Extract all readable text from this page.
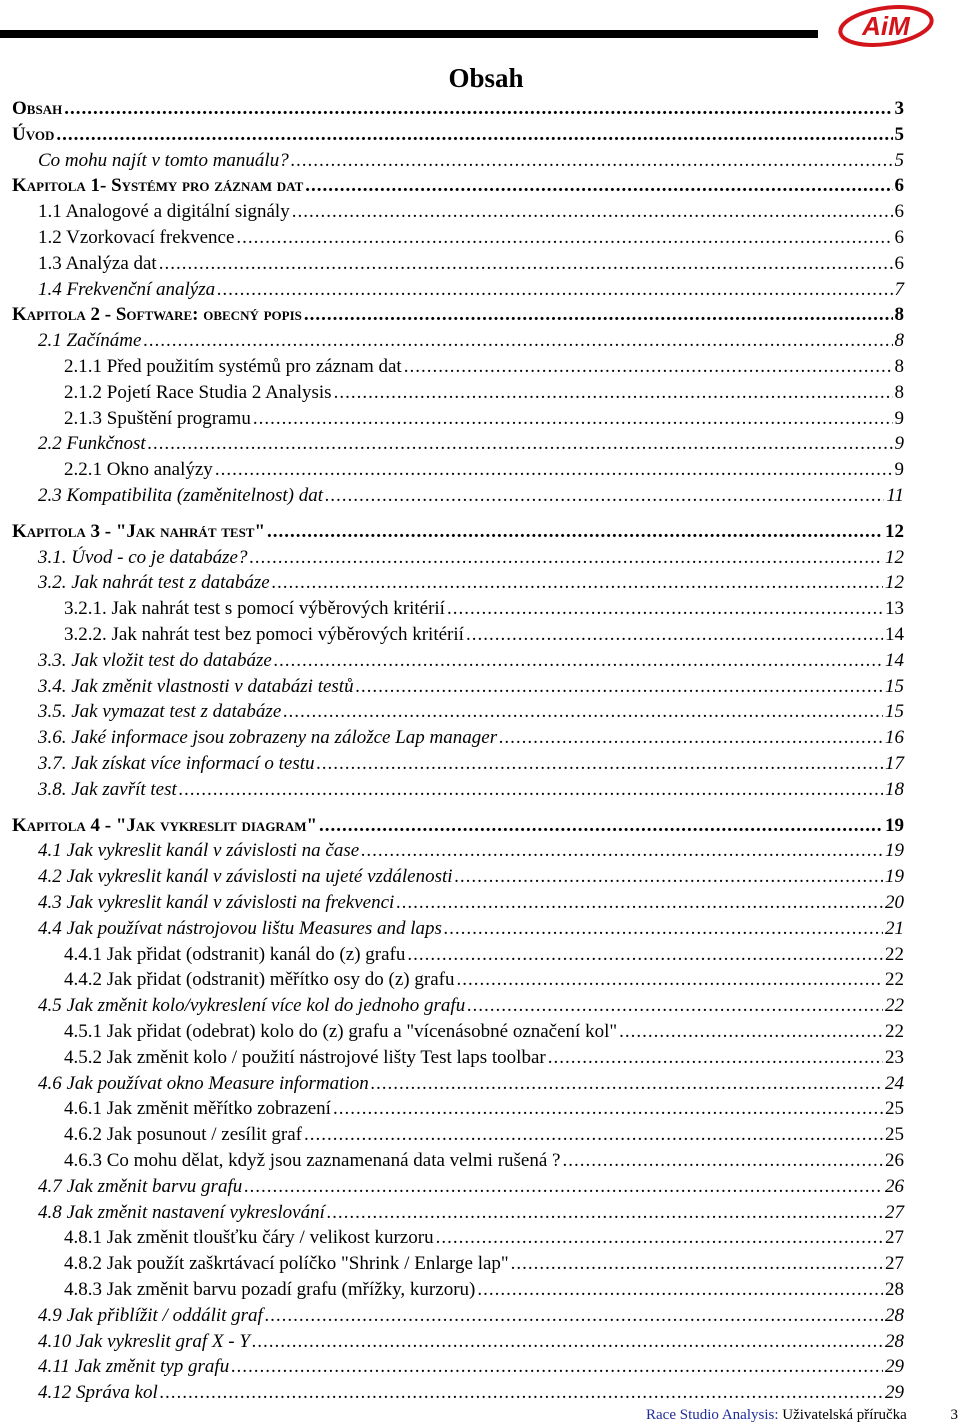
AiM
Obsah
Obsah .....	3
Úvod .....	5
Co mohu najít v tomto manuálu? .....	5
Kapitola 1- Systémy pro záznam dat .....	6
1.1 Analogové a digitální signály .....	6
1.2 Vzorkovací frekvence .....	6
1.3 Analýza dat .....	6
1.4 Frekvenční analýza .....	7
Kapitola 2 - Software: obecný popis .....	8
2.1 Začínáme .....	8
2.1.1 Před použitím systémů pro záznam dat .....	8
2.1.2 Pojetí Race Studia 2 Analysis .....	8
2.1.3 Spuštění programu .....	9
2.2 Funkčnost .....	9
2.2.1 Okno analýzy .....	9
2.3 Kompatibilita (zaměnitelnost) dat .....	11
Kapitola 3 - "Jak nahrát test" .....	12
3.1. Úvod - co je databáze? .....	12
3.2. Jak nahrát test z databáze .....	12
3.2.1. Jak nahrát test s pomocí výběrových kritérií .....	13
3.2.2. Jak nahrát test bez pomoci výběrových kritérií .....	14
3.3. Jak vložit test do databáze .....	14
3.4. Jak změnit vlastnosti v databázi testů .....	15
3.5. Jak vymazat test z databáze .....	15
3.6. Jaké informace jsou zobrazeny na záložce Lap manager .....	16
3.7. Jak získat více informací o testu .....	17
3.8. Jak zavřít test .....	18
Kapitola 4 - "Jak vykreslit diagram" .....	19
4.1 Jak vykreslit kanál v závislosti na čase .....	19
4.2 Jak vykreslit kanál v závislosti na ujeté vzdálenosti .....	19
4.3 Jak vykreslit kanál v závislosti na frekvenci .....	20
4.4 Jak používat nástrojovou lištu Measures and laps .....	21
4.4.1 Jak přidat (odstranit) kanál do (z) grafu .....	22
4.4.2 Jak přidat (odstranit) měřítko osy do (z) grafu .....	22
4.5 Jak změnit kolo/vykreslení více kol do jednoho grafu .....	22
4.5.1 Jak přidat (odebrat) kolo do (z) grafu a "vícenásobné označení kol" .....	22
4.5.2 Jak změnit kolo / použití nástrojové lišty Test laps toolbar .....	23
4.6 Jak používat okno Measure information .....	24
4.6.1 Jak změnit měřítko zobrazení .....	25
4.6.2 Jak posunout / zesílit graf .....	25
4.6.3 Co mohu dělat, když jsou zaznamenaná data velmi rušená ? .....	26
4.7 Jak změnit barvu grafu .....	26
4.8 Jak změnit nastavení vykreslování .....	27
4.8.1 Jak změnit tloušťku čáry / velikost kurzoru .....	27
4.8.2 Jak použít zaškrtávací políčko "Shrink / Enlarge lap" .....	27
4.8.3 Jak změnit barvu pozadí grafu (mřížky, kurzoru) .....	28
4.9 Jak přiblížit / oddálit graf .....	28
4.10 Jak vykreslit graf X - Y .....	28
4.11 Jak změnit typ grafu .....	29
4.12 Správa kol .....	29
Race Studio Analysis: Uživatelská příručka	3
